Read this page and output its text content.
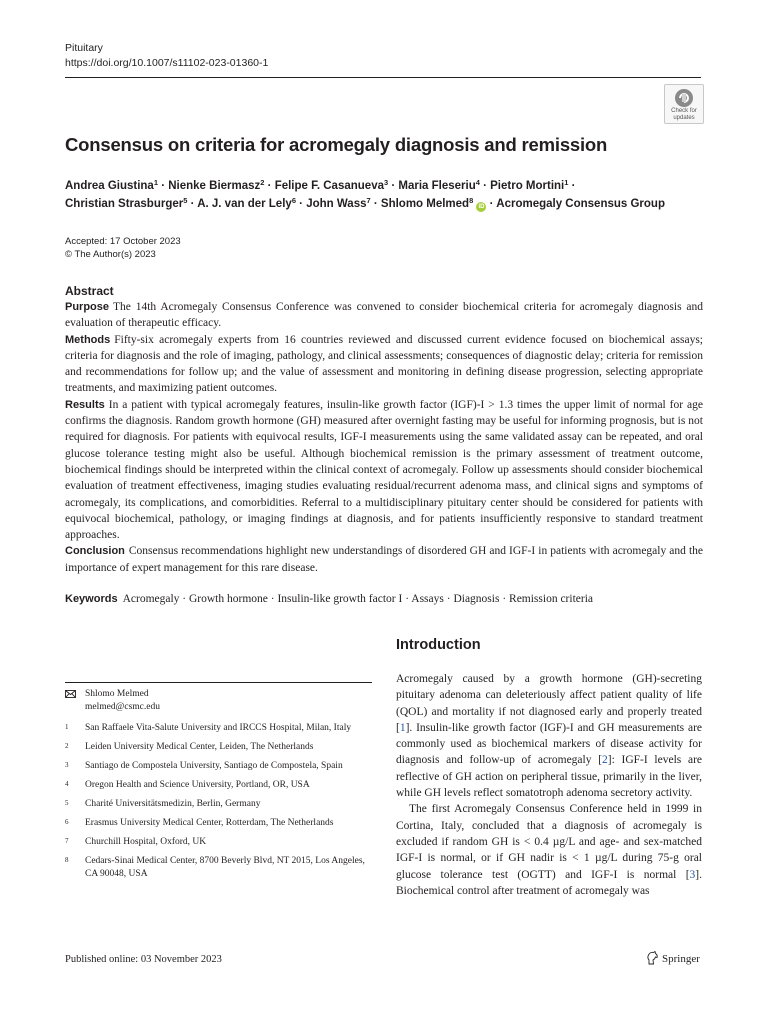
Pituitary
https://doi.org/10.1007/s11102-023-01360-1
Check for
updates
Consensus on criteria for acromegaly diagnosis and remission
Andrea Giustina$^1$ · Nienke Biermasz$^2$ · Felipe F. Casanueva$^3$ · Maria Fleseriu$^4$ · Pietro Mortini$^1$ ·
Christian Strasburger$^5$ · A. J. van der Lely$^6$ · John Wass$^7$ · Shlomo Melmed$^8$ iD · Acromegaly Consensus Group
Accepted: 17 October 2023
© The Author(s) 2023
Abstract

Purpose The 14th Acromegaly Consensus Conference was convened to consider biochemical criteria for acromegaly diagnosis and evaluation of therapeutic efficacy.

Methods Fifty-six acromegaly experts from 16 countries reviewed and discussed current evidence focused on biochemical assays; criteria for diagnosis and the role of imaging, pathology, and clinical assessments; consequences of diagnostic delay; criteria for remission and recommendations for follow up; and the value of assessment and monitoring in defining disease progression, selecting appropriate treatments, and maximizing patient outcomes.

Results In a patient with typical acromegaly features, insulin-like growth factor (IGF)-I > 1.3 times the upper limit of normal for age confirms the diagnosis. Random growth hormone (GH) measured after overnight fasting may be useful for informing prognosis, but is not required for diagnosis. For patients with equivocal results, IGF-I measurements using the same validated assay can be repeated, and oral glucose tolerance testing might also be useful. Although biochemical remission is the primary assessment of treatment outcome, biochemical findings should be interpreted within the clinical context of acromegaly. Follow up assessments should consider biochemical evaluation of treatment effectiveness, imaging studies evaluating residual/recurrent adenoma mass, and clinical signs and symptoms of acromegaly, its complications, and comorbidities. Referral to a multidisciplinary pituitary center should be considered for patients with equivocal biochemical, pathology, or imaging findings at diagnosis, and for patients insufficiently responsive to standard treatment approaches.

Conclusion Consensus recommendations highlight new understandings of disordered GH and IGF-I in patients with acromegaly and the importance of expert management for this rare disease.

Keywords Acromegaly · Growth hormone · Insulin-like growth factor I · Assays · Diagnosis · Remission criteria
Introduction

Acromegaly caused by a growth hormone (GH)-secreting pituitary adenoma can deleteriously affect patient quality of life (QOL) and mortality if not diagnosed early and properly treated [1]. Insulin-like growth factor (IGF)-I and GH measurements are commonly used as biochemical markers of disease activity for diagnosis and follow-up of acromegaly [2]: IGF-I levels are reflective of GH action on peripheral tissue, primarily in the liver, while GH levels reflect somatotroph adenoma secretory activity.

The first Acromegaly Consensus Conference held in 1999 in Cortina, Italy, concluded that a diagnosis of acromegaly is excluded if random GH is < 0.4 µg/L and age- and sex-matched IGF-I is normal, or if GH nadir is < 1 µg/L during 75-g oral glucose tolerance test (OGTT) and IGF-I is normal [3]. Biochemical control after treatment of acromegaly was

Shlomo Melmed
melmed@csmc.edu
1 San Raffaele Vita-Salute University and IRCCS Hospital, Milan, Italy
2 Leiden University Medical Center, Leiden, The Netherlands
3 Santiago de Compostela University, Santiago de Compostela, Spain
4 Oregon Health and Science University, Portland, OR, USA
5 Charité Universitätsmedizin, Berlin, Germany
6 Erasmus University Medical Center, Rotterdam, The Netherlands
7 Churchill Hospital, Oxford, UK
8 Cedars-Sinai Medical Center, 8700 Beverly Blvd, NT 2015, Los Angeles, CA 90048, USA
Published online: 03 November 2023	Springer
